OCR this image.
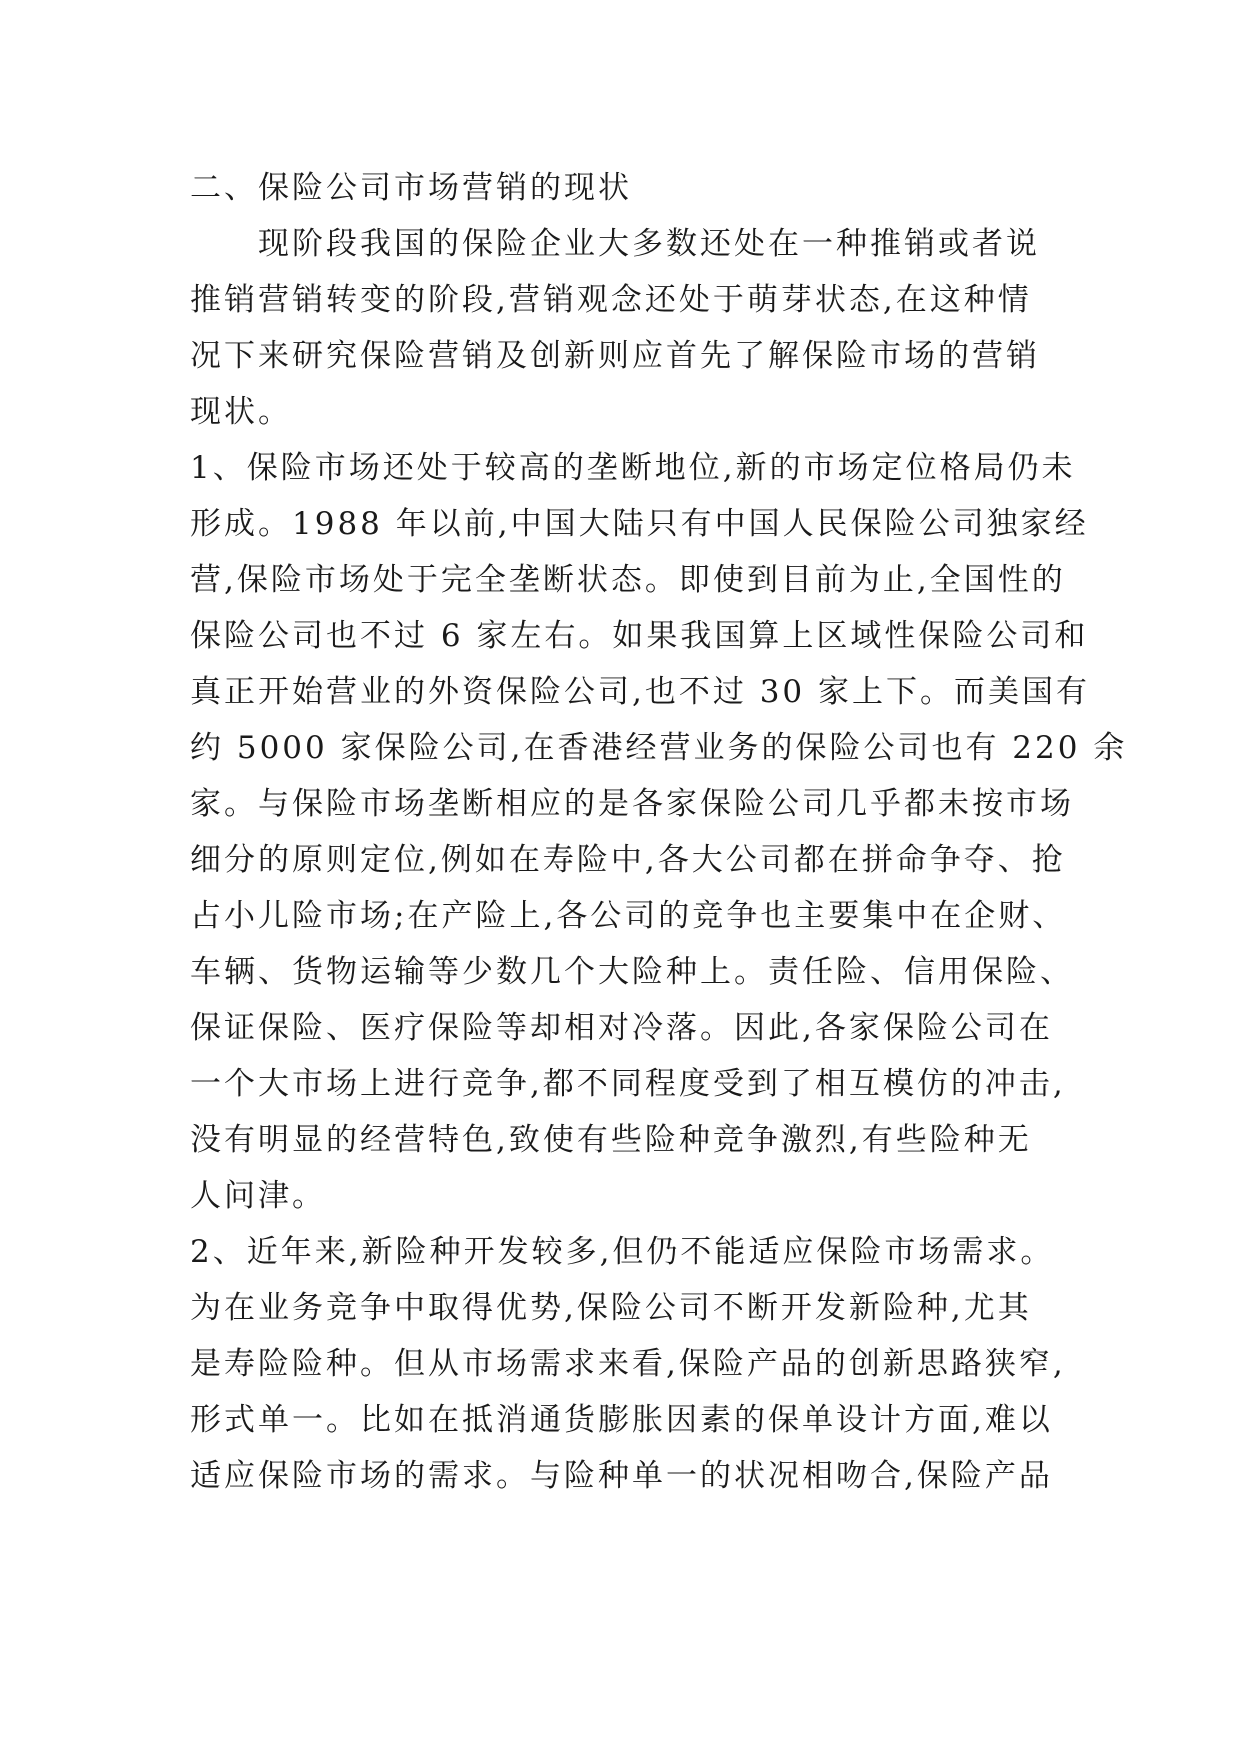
二、保险公司市场营销的现状
　　现阶段我国的保险企业大多数还处在一种推销或者说
推销营销转变的阶段,营销观念还处于萌芽状态,在这种情
况下来研究保险营销及创新则应首先了解保险市场的营销
现状。
1、保险市场还处于较高的垄断地位,新的市场定位格局仍未
形成。1988 年以前,中国大陆只有中国人民保险公司独家经
营,保险市场处于完全垄断状态。即使到目前为止,全国性的
保险公司也不过 6 家左右。如果我国算上区域性保险公司和
真正开始营业的外资保险公司,也不过 30 家上下。而美国有
约 5000 家保险公司,在香港经营业务的保险公司也有 220 余
家。与保险市场垄断相应的是各家保险公司几乎都未按市场
细分的原则定位,例如在寿险中,各大公司都在拼命争夺、抢
占小儿险市场;在产险上,各公司的竞争也主要集中在企财、
车辆、货物运输等少数几个大险种上。责任险、信用保险、
保证保险、医疗保险等却相对冷落。因此,各家保险公司在
一个大市场上进行竞争,都不同程度受到了相互模仿的冲击,
没有明显的经营特色,致使有些险种竞争激烈,有些险种无
人问津。
2、近年来,新险种开发较多,但仍不能适应保险市场需求。
为在业务竞争中取得优势,保险公司不断开发新险种,尤其
是寿险险种。但从市场需求来看,保险产品的创新思路狭窄,
形式单一。比如在抵消通货膨胀因素的保单设计方面,难以
适应保险市场的需求。与险种单一的状况相吻合,保险产品
